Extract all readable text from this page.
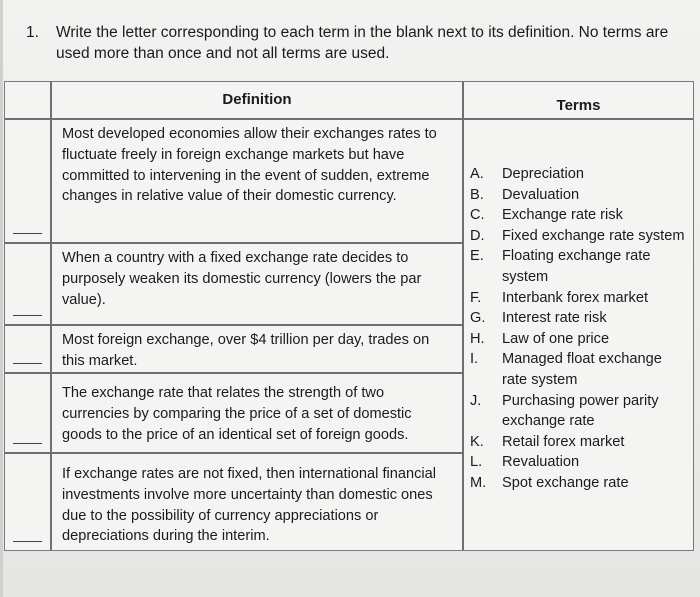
1. Write the letter corresponding to each term in the blank next to its definition. No terms are used more than once and not all terms are used.
Definition	Terms
Most developed economies allow their exchanges rates to fluctuate freely in foreign exchange markets but have committed to intervening in the event of sudden, extreme changes in relative value of their domestic currency.
When a country with a fixed exchange rate decides to purposely weaken its domestic currency (lowers the par value).
Most foreign exchange, over $4 trillion per day, trades on this market.
The exchange rate that relates the strength of two currencies by comparing the price of a set of domestic goods to the price of an identical set of foreign goods.
If exchange rates are not fixed, then international financial investments involve more uncertainty than domestic ones due to the possibility of currency appreciations or depreciations during the interim.
A.	Depreciation
B.	Devaluation
C.	Exchange rate risk
D.	Fixed exchange rate system
E.	Floating exchange rate system
F.	Interbank forex market
G.	Interest rate risk
H.	Law of one price
I.	Managed float exchange rate system
J.	Purchasing power parity exchange rate
K.	Retail forex market
L.	Revaluation
M.	Spot exchange rate
